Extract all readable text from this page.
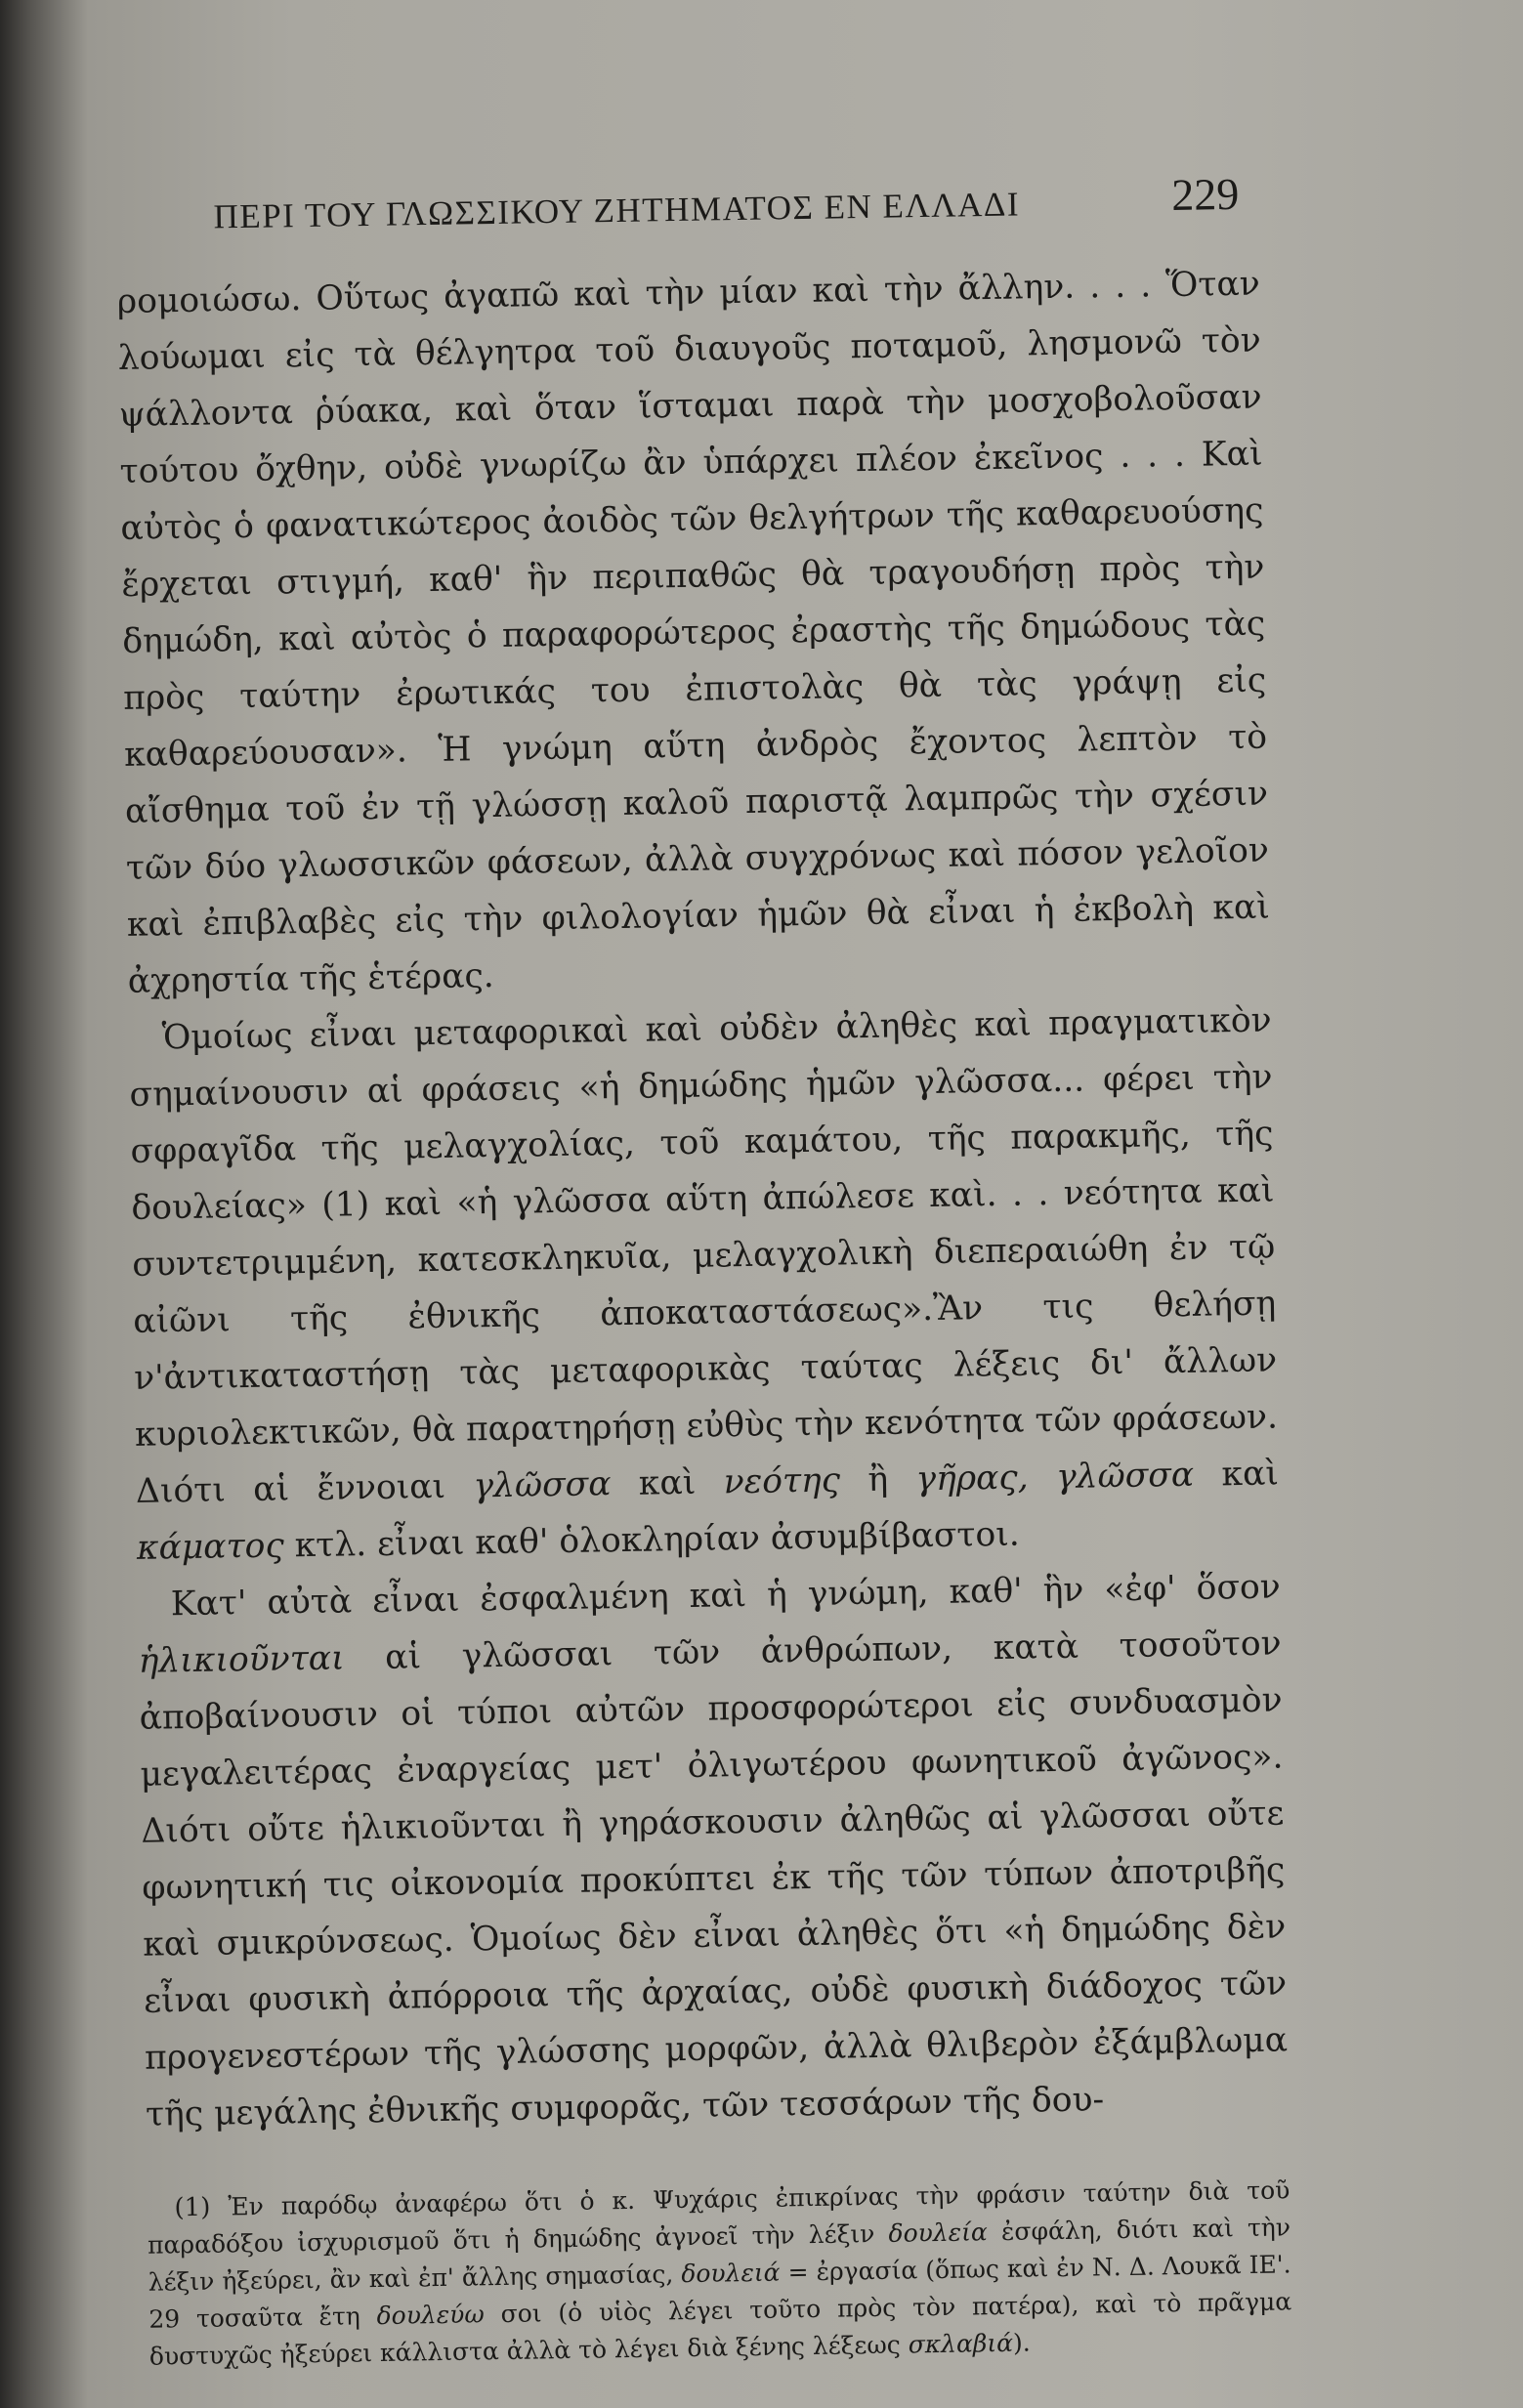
ΠΕΡΙ ΤΟΥ ΓΛΩΣΣΙΚΟΥ ΖΗΤΗΜΑΤΟΣ ΕΝ ΕΛΛΑΔΙ	229

ρομοιώσω. Οὕτως ἀγαπῶ καὶ τὴν μίαν καὶ τὴν ἄλλην. . . . Ὅταν λούωμαι εἰς τὰ θέλγητρα τοῦ διαυγοῦς ποταμοῦ, λησμονῶ τὸν ψάλλοντα ῥύακα, καὶ ὅταν ἵσταμαι παρὰ τὴν μοσχοβολοῦσαν τούτου ὄχθην, οὐδὲ γνωρίζω ἂν ὑπάρχει πλέον ἐκεῖνος . . . Καὶ αὐτὸς ὁ φανατικώτερος ἀοιδὸς τῶν θελγήτρων τῆς καθαρευούσης ἔρχεται στιγμή, καθ' ἣν περιπαθῶς θὰ τραγουδήσῃ πρὸς τὴν δημώδη, καὶ αὐτὸς ὁ παραφορώτερος ἐραστὴς τῆς δημώδους τὰς πρὸς ταύτην ἐρωτικάς του ἐπιστολὰς θὰ τὰς γράψῃ εἰς καθαρεύουσαν». Ἡ γνώμη αὕτη ἀνδρὸς ἔχοντος λεπτὸν τὸ αἴσθημα τοῦ ἐν τῇ γλώσσῃ καλοῦ παριστᾷ λαμπρῶς τὴν σχέσιν τῶν δύο γλωσσικῶν φάσεων, ἀλλὰ συγχρόνως καὶ πόσον γελοῖον καὶ ἐπιβλαβὲς εἰς τὴν φιλολογίαν ἡμῶν θὰ εἶναι ἡ ἐκβολὴ καὶ ἀχρηστία τῆς ἑτέρας.

Ὁμοίως εἶναι μεταφορικαὶ καὶ οὐδὲν ἀληθὲς καὶ πραγματικὸν σημαίνουσιν αἱ φράσεις «ἡ δημώδης ἡμῶν γλῶσσα... φέρει τὴν σφραγῖδα τῆς μελαγχολίας, τοῦ καμάτου, τῆς παρακμῆς, τῆς δουλείας» (1) καὶ «ἡ γλῶσσα αὕτη ἀπώλεσε καὶ. . . νεότητα καὶ συντετριμμένη, κατεσκληκυῖα, μελαγχολικὴ διεπεραιώθη ἐν τῷ αἰῶνι τῆς ἐθνικῆς ἀποκαταστάσεως».Ἂν τις θελήσῃ ν'ἀντικαταστήσῃ τὰς μεταφορικὰς ταύτας λέξεις δι' ἄλλων κυριολεκτικῶν, θὰ παρατηρήσῃ εὐθὺς τὴν κενότητα τῶν φράσεων. Διότι αἱ ἔννοιαι γλῶσσα καὶ νεότης ἢ γῆρας, γλῶσσα καὶ κάματος κτλ. εἶναι καθ' ὁλοκληρίαν ἀσυμβίβαστοι.

Κατ' αὐτὰ εἶναι ἐσφαλμένη καὶ ἡ γνώμη, καθ' ἣν «ἐφ' ὅσον ἡλικιοῦνται αἱ γλῶσσαι τῶν ἀνθρώπων, κατὰ τοσοῦτον ἀποβαίνουσιν οἱ τύποι αὐτῶν προσφορώτεροι εἰς συνδυασμὸν μεγαλειτέρας ἐναργείας μετ' ὀλιγωτέρου φωνητικοῦ ἀγῶνος». Διότι οὔτε ἡλικιοῦνται ἢ γηράσκουσιν ἀληθῶς αἱ γλῶσσαι οὔτε φωνητική τις οἰκονομία προκύπτει ἐκ τῆς τῶν τύπων ἀποτριβῆς καὶ σμικρύνσεως. Ὁμοίως δὲν εἶναι ἀληθὲς ὅτι «ἡ δημώδης δὲν εἶναι φυσικὴ ἀπόρροια τῆς ἀρχαίας, οὐδὲ φυσικὴ διάδοχος τῶν προγενεστέρων τῆς γλώσσης μορφῶν, ἀλλὰ θλιβερὸν ἐξάμβλωμα τῆς μεγάλης ἐθνικῆς συμφορᾶς, τῶν τεσσάρων τῆς δου-

(1) Ἐν παρόδῳ ἀναφέρω ὅτι ὁ κ. Ψυχάρις ἐπικρίνας τὴν φράσιν ταύτην διὰ τοῦ παραδόξου ἰσχυρισμοῦ ὅτι ἡ δημώδης ἀγνοεῖ τὴν λέξιν δουλεία ἐσφάλη, διότι καὶ τὴν λέξιν ἠξεύρει, ἂν καὶ ἐπ' ἄλλης σημασίας, δουλειά = ἐργασία (ὅπως καὶ ἐν Ν. Δ. Λουκᾶ ΙΕ'. 29 τοσαῦτα ἔτη δουλεύω σοι (ὁ υἱὸς λέγει τοῦτο πρὸς τὸν πατέρα), καὶ τὸ πρᾶγμα δυστυχῶς ἠξεύρει κάλλιστα ἀλλὰ τὸ λέγει διὰ ξένης λέξεως σκλαβιά).
